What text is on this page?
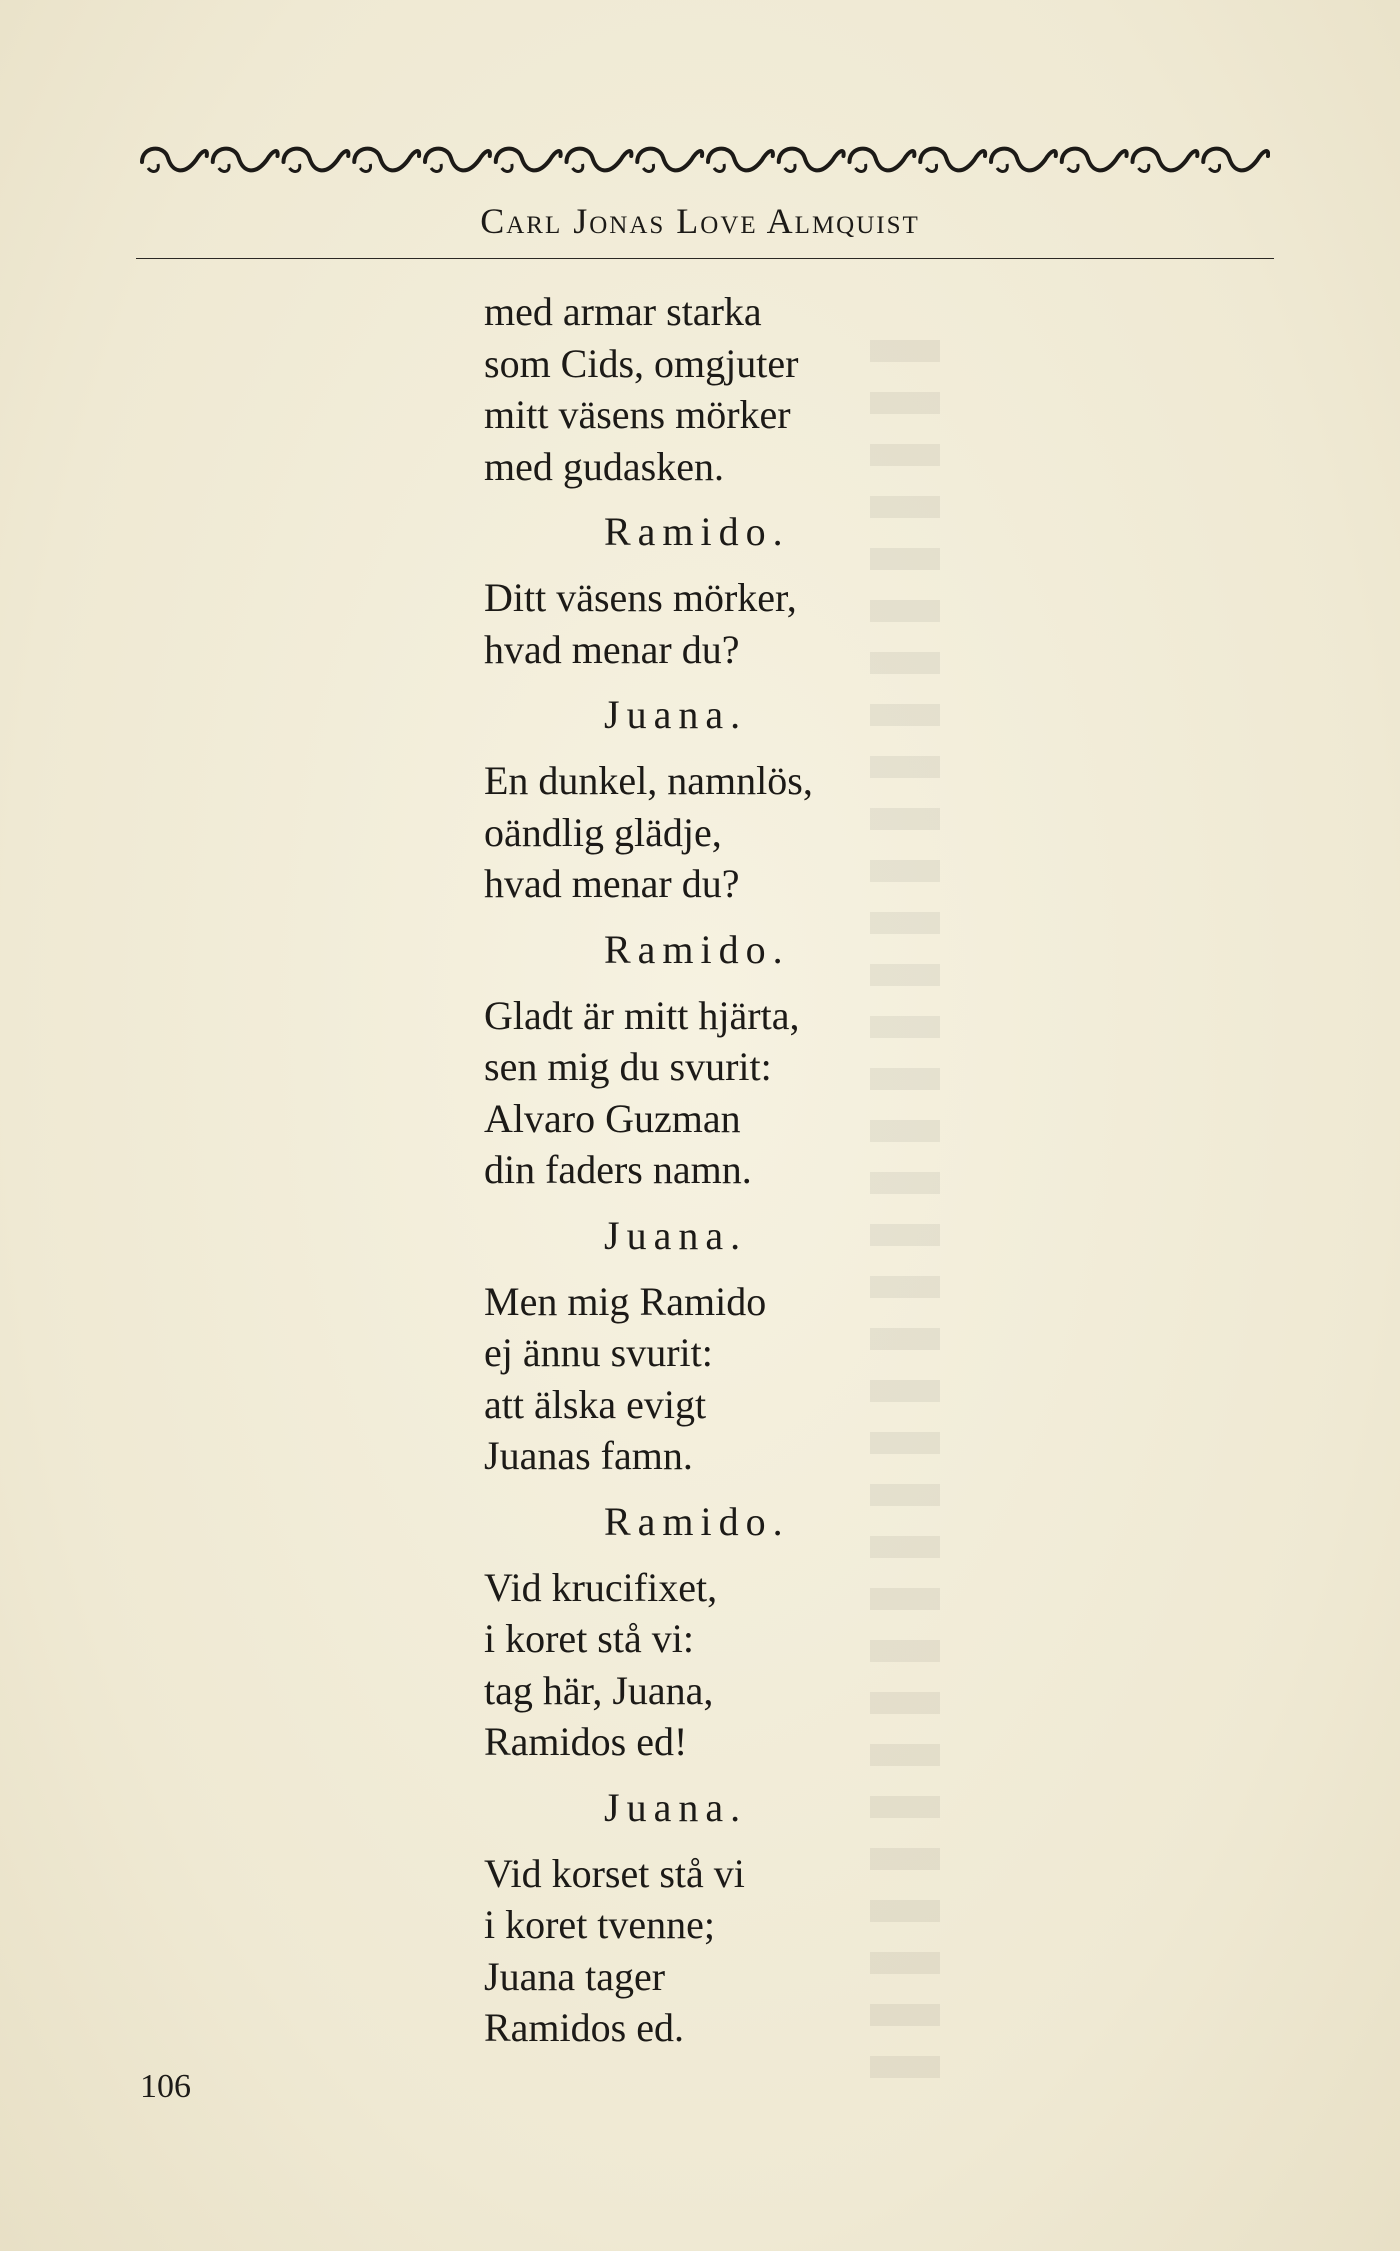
Carl Jonas Love Almquist
med armar starka
som Cids, omgjuter
mitt väsens mörker
med gudasken.
Ramido.
Ditt väsens mörker,
hvad menar du?
Juana.
En dunkel, namnlös,
oändlig glädje,
hvad menar du?
Ramido.
Gladt är mitt hjärta,
sen mig du svurit:
Alvaro Guzman
din faders namn.
Juana.
Men mig Ramido
ej ännu svurit:
att älska evigt
Juanas famn.
Ramido.
Vid krucifixet,
i koret stå vi:
tag här, Juana,
Ramidos ed!
Juana.
Vid korset stå vi
i koret tvenne;
Juana tager
Ramidos ed.
106
